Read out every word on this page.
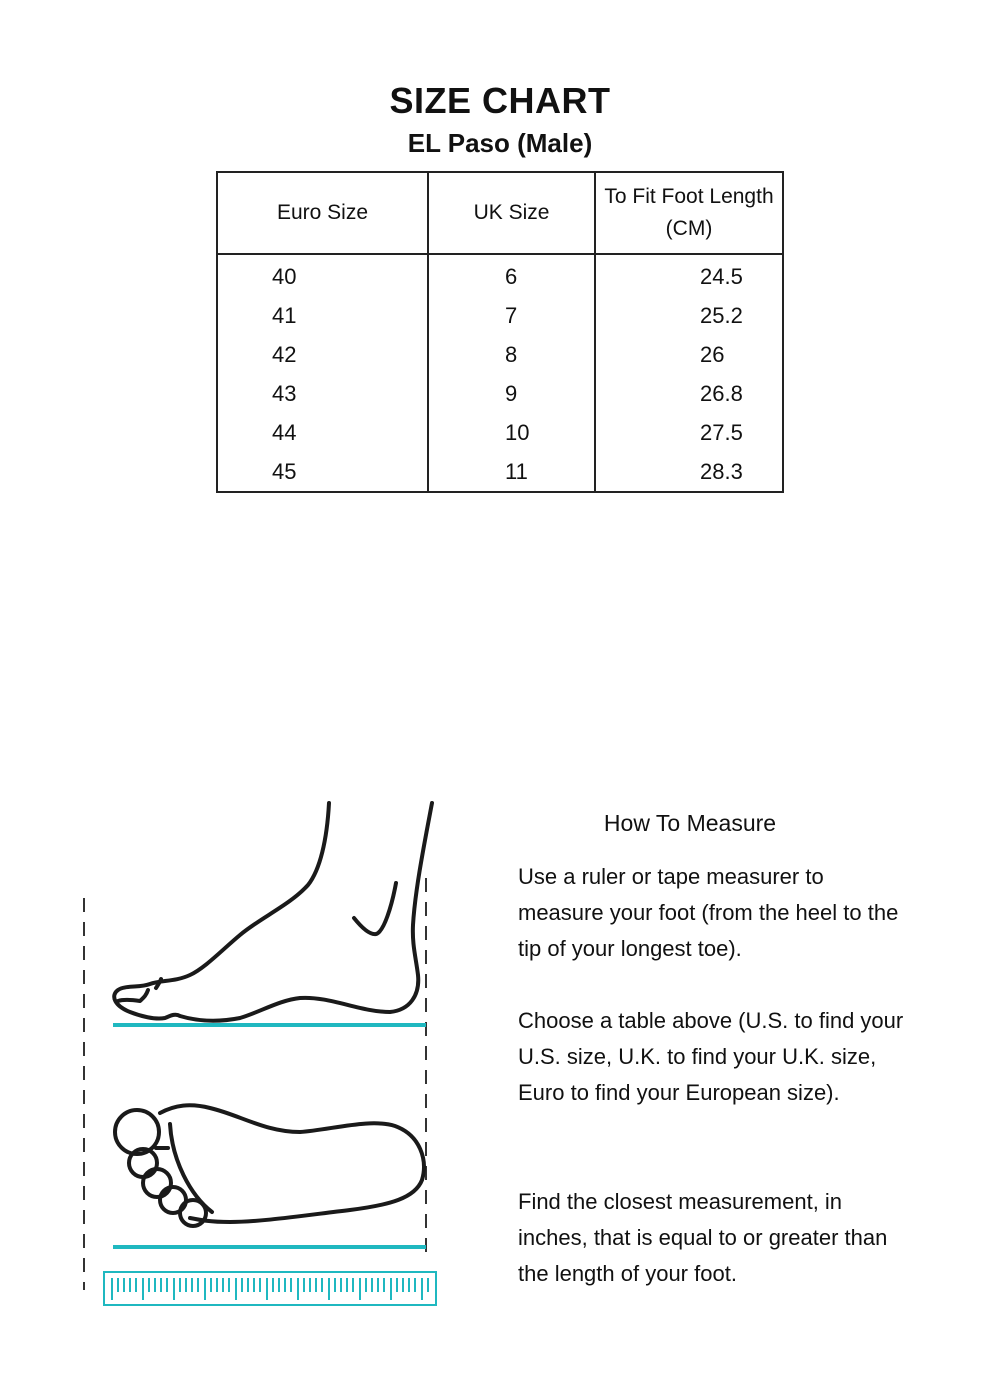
SIZE CHART
EL Paso (Male)
Euro Size	UK Size	To Fit Foot Length
(CM)

40	6	24.5
41	7	25.2
42	8	26
43	9	26.8
44	10	27.5
45	11	28.3
How To Measure
Use a ruler or tape measurer to measure your foot (from the heel to the tip of your longest toe).
Choose a table above (U.S. to find your U.S. size, U.K. to find your U.K. size, Euro to find your European size).
Find the closest measurement, in inches, that is equal to or greater than the length of your foot.
